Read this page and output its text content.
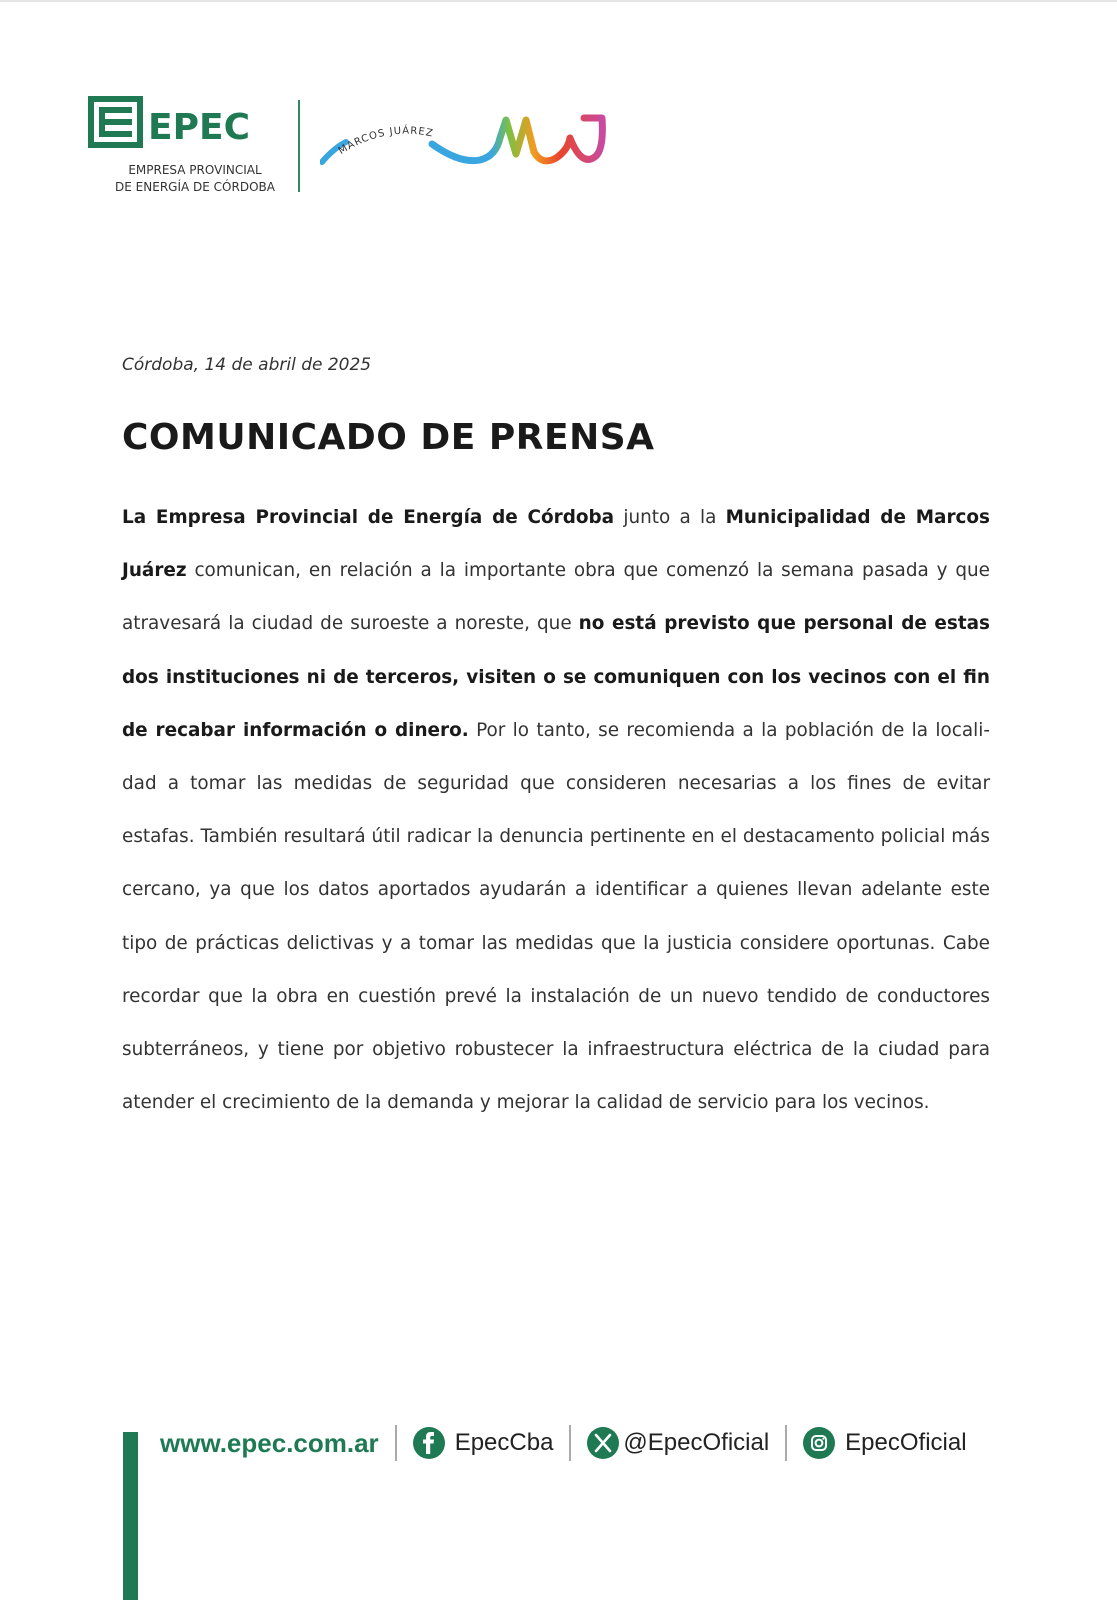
EPEC
EMPRESA PROVINCIAL
DE ENERGÍA DE CÓRDOBA
MARCOS JUÁREZ
Córdoba, 14 de abril de 2025
COMUNICADO DE PRENSA

La Empresa Provincial de Energía de Córdoba junto a la Municipalidad de Marcos Juárez comunican, en relación a la importante obra que comenzó la semana pasada y que atravesará la ciudad de suroeste a noreste, que no está previsto que personal de estas dos instituciones ni de terceros, visiten o se comuniquen con los vecinos con el fin de recabar información o dinero. Por lo tanto, se recomienda a la población de la localidad a tomar las medidas de seguridad que consideren necesarias a los fines de evitar estafas. También resultará útil radicar la denuncia pertinente en el destacamento policial más cercano, ya que los datos aportados ayudarán a identificar a quienes llevan adelante este tipo de prácticas delictivas y a tomar las medidas que la justicia considere oportunas. Cabe recordar que la obra en cuestión prevé la instalación de un nuevo tendido de conductores subterráneos, y tiene por objetivo robustecer la infraestructura eléctrica de la ciudad para atender el crecimiento de la demanda y mejorar la calidad de servicio para los vecinos.

www.epec.com.ar	EpecCba	@EpecOficial	EpecOficial
